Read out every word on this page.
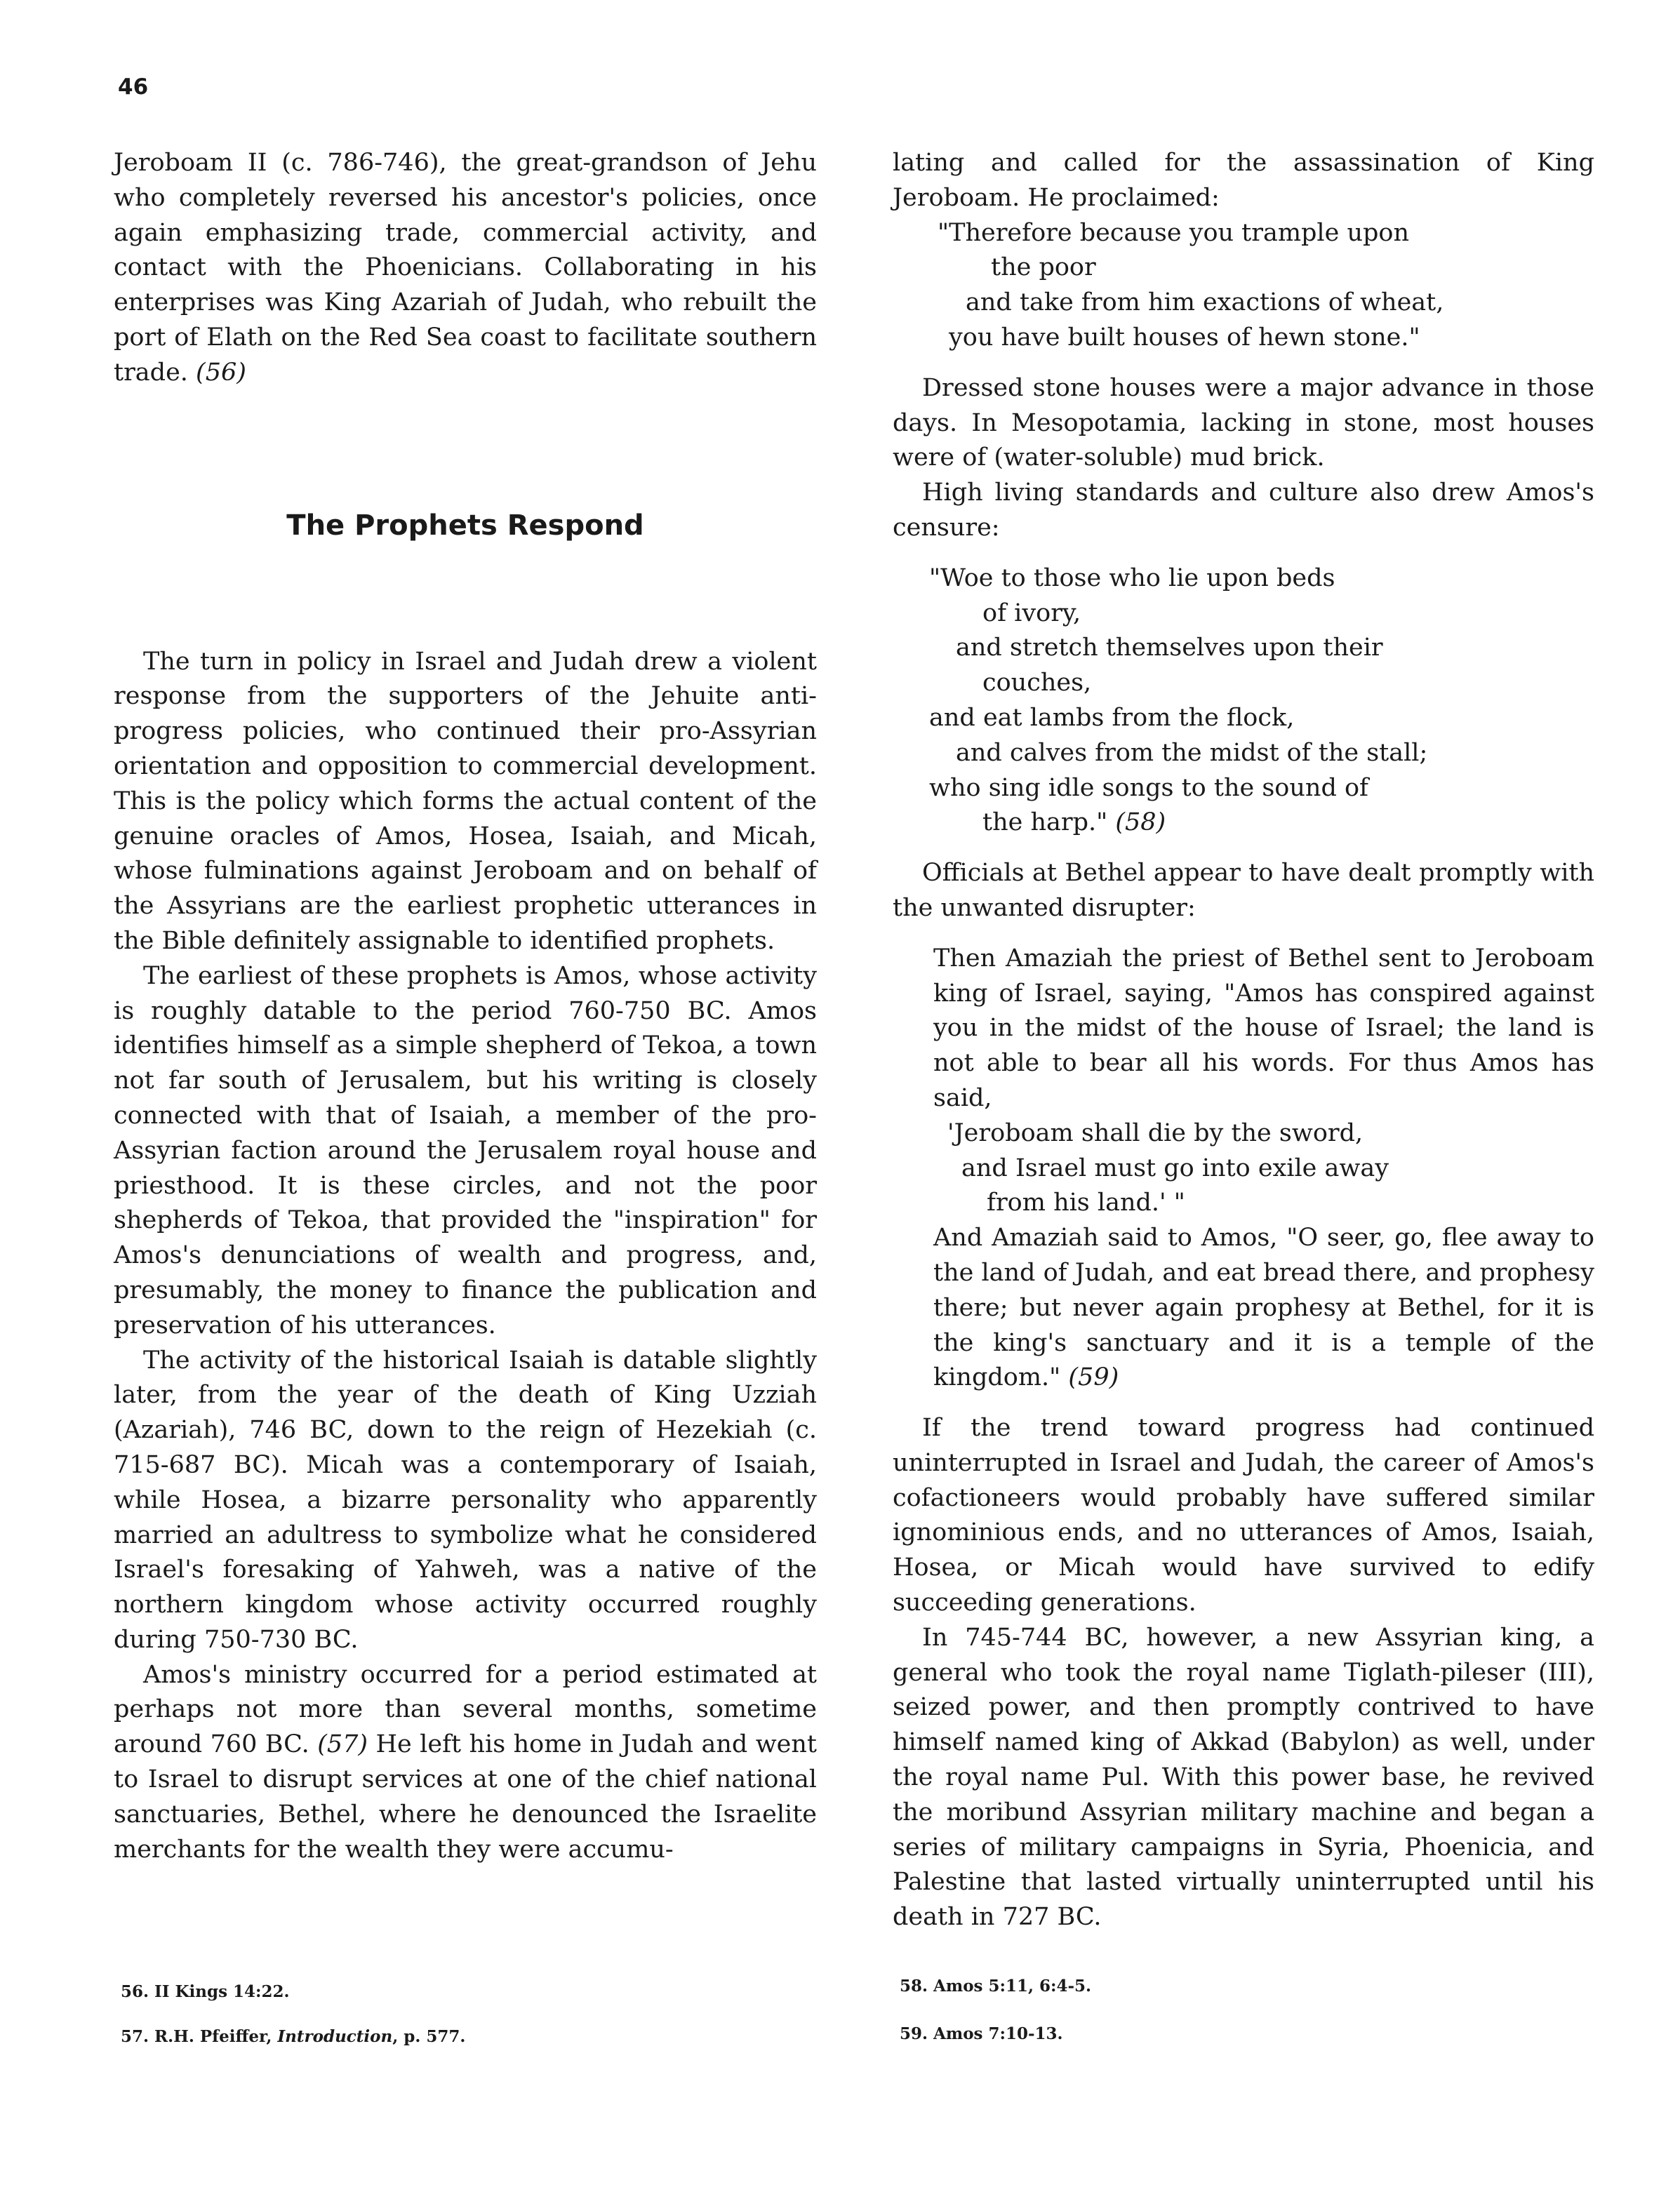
46

Jeroboam II (c. 786-746), the great-grandson of Jehu who completely reversed his ancestor's policies, once again emphasizing trade, commercial activity, and contact with the Phoenicians. Collaborating in his enterprises was King Azariah of Judah, who rebuilt the port of Elath on the Red Sea coast to facilitate southern trade. (56)

The Prophets Respond

The turn in policy in Israel and Judah drew a violent response from the supporters of the Jehuite anti-progress policies, who continued their pro-Assyrian orientation and opposition to commercial development. This is the policy which forms the actual content of the genuine oracles of Amos, Hosea, Isaiah, and Micah, whose fulminations against Jeroboam and on behalf of the Assyrians are the earliest prophetic utterances in the Bible definitely assignable to identified prophets.

The earliest of these prophets is Amos, whose activity is roughly datable to the period 760-750 BC. Amos identifies himself as a simple shepherd of Tekoa, a town not far south of Jerusalem, but his writing is closely connected with that of Isaiah, a member of the pro-Assyrian faction around the Jerusalem royal house and priesthood. It is these circles, and not the poor shepherds of Tekoa, that provided the "inspiration" for Amos's denunciations of wealth and progress, and, presumably, the money to finance the publication and preservation of his utterances.

The activity of the historical Isaiah is datable slightly later, from the year of the death of King Uzziah (Azariah), 746 BC, down to the reign of Hezekiah (c. 715-687 BC). Micah was a contemporary of Isaiah, while Hosea, a bizarre personality who apparently married an adultress to symbolize what he considered Israel's foresaking of Yahweh, was a native of the northern kingdom whose activity occurred roughly during 750-730 BC.

Amos's ministry occurred for a period estimated at perhaps not more than several months, sometime around 760 BC. (57) He left his home in Judah and went to Israel to disrupt services at one of the chief national sanctuaries, Bethel, where he denounced the Israelite merchants for the wealth they were accumu-

lating and called for the assassination of King Jeroboam. He proclaimed:

"Therefore because you trample upon
the poor
and take from him exactions of wheat,
you have built houses of hewn stone."

Dressed stone houses were a major advance in those days. In Mesopotamia, lacking in stone, most houses were of (water-soluble) mud brick.

High living standards and culture also drew Amos's censure:

"Woe to those who lie upon beds
of ivory,
and stretch themselves upon their
couches,
and eat lambs from the flock,
and calves from the midst of the stall;
who sing idle songs to the sound of
the harp." (58)

Officials at Bethel appear to have dealt promptly with the unwanted disrupter:

Then Amaziah the priest of Bethel sent to Jeroboam king of Israel, saying, "Amos has conspired against you in the midst of the house of Israel; the land is not able to bear all his words. For thus Amos has said,

'Jeroboam shall die by the sword,
and Israel must go into exile away
from his land.' "

And Amaziah said to Amos, "O seer, go, flee away to the land of Judah, and eat bread there, and prophesy there; but never again prophesy at Bethel, for it is the king's sanctuary and it is a temple of the kingdom." (59)

If the trend toward progress had continued uninterrupted in Israel and Judah, the career of Amos's cofactioneers would probably have suffered similar ignominious ends, and no utterances of Amos, Isaiah, Hosea, or Micah would have survived to edify succeeding generations.

In 745-744 BC, however, a new Assyrian king, a general who took the royal name Tiglath-pileser (III), seized power, and then promptly contrived to have himself named king of Akkad (Babylon) as well, under the royal name Pul. With this power base, he revived the moribund Assyrian military machine and began a series of military campaigns in Syria, Phoenicia, and Palestine that lasted virtually uninterrupted until his death in 727 BC.

56. II Kings 14:22.
57. R.H. Pfeiffer, Introduction, p. 577.
58. Amos 5:11, 6:4-5.
59. Amos 7:10-13.
